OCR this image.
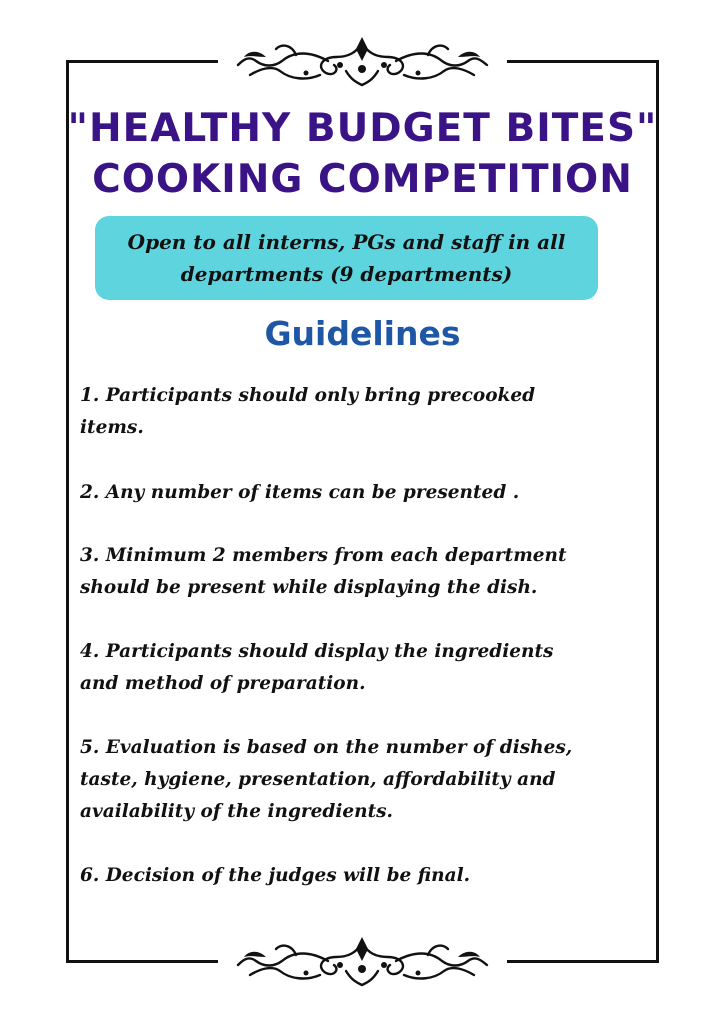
"HEALTHY BUDGET BITES"
COOKING COMPETITION
Open to all interns, PGs and staff in all
departments (9 departments)
Guidelines
1. Participants should only bring precooked
items.
2. Any number of items can be presented .
3. Minimum 2 members from each department
should be present while displaying the dish.
4. Participants should display the ingredients
and method of preparation.
5. Evaluation is based on the number of dishes,
taste, hygiene, presentation, affordability and
availability of the ingredients.
6. Decision of the judges will be final.
